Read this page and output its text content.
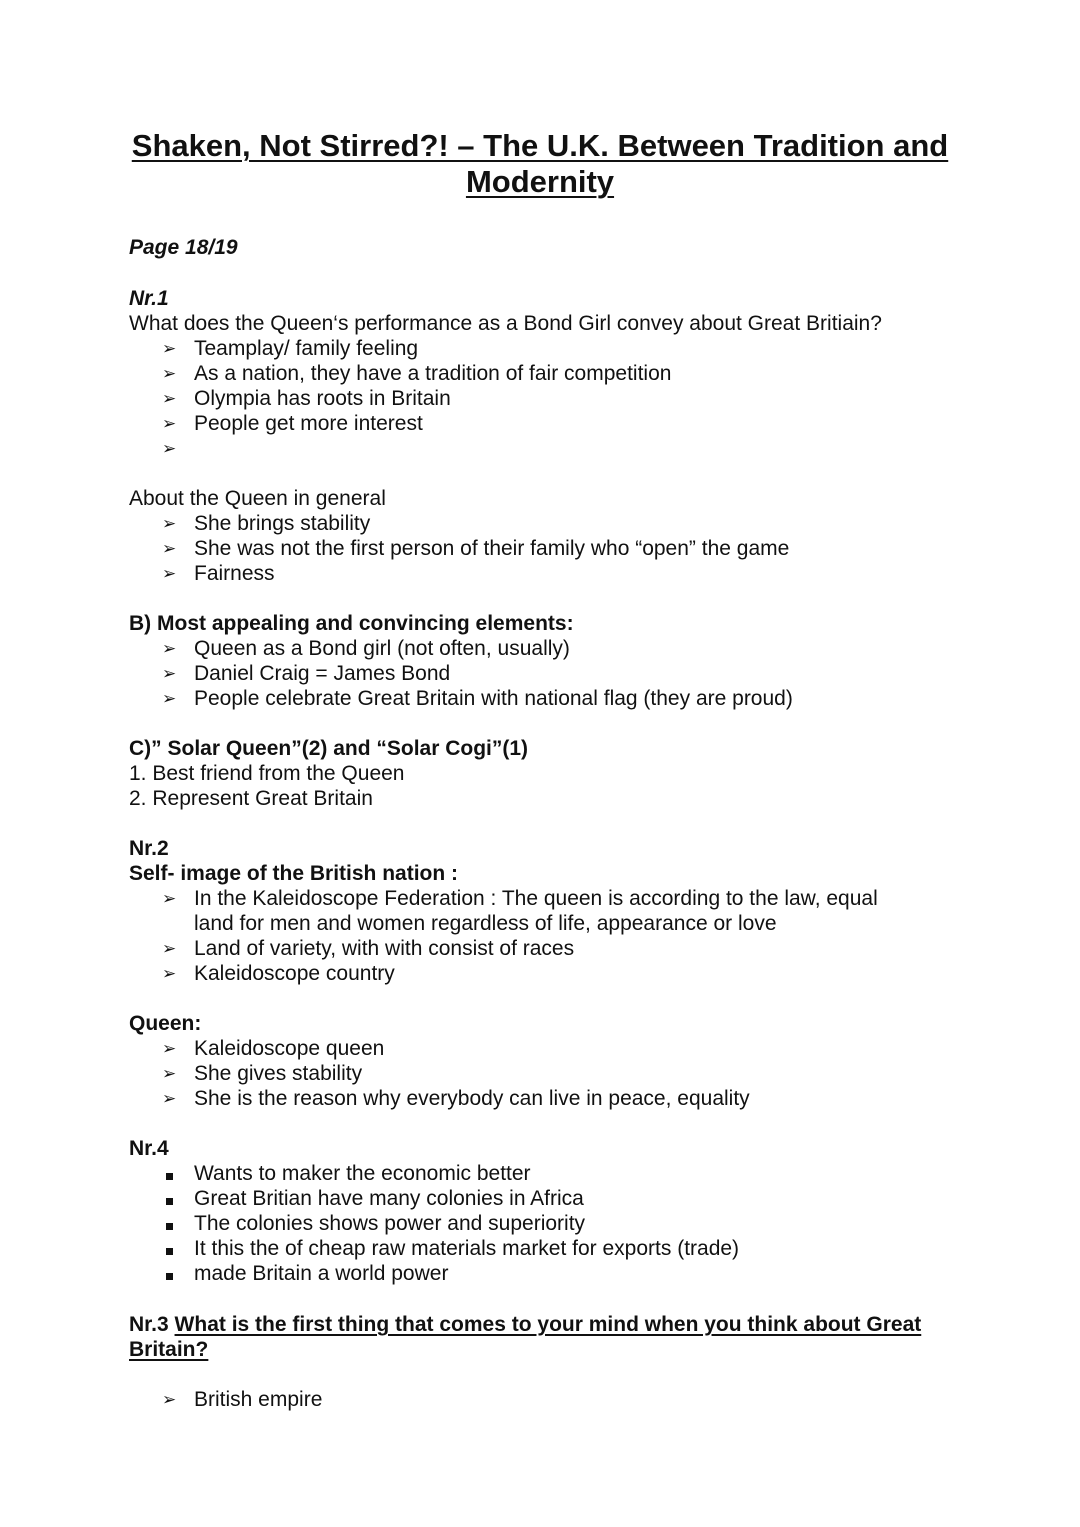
Shaken, Not Stirred?! – The U.K. Between Tradition and
Modernity
Page 18/19
Nr.1
What does the Queen‘s performance as a Bond Girl convey about Great Britiain?
➢ Teamplay/ family feeling
➢ As a nation, they have a tradition of fair competition
➢ Olympia has roots in Britain
➢ People get more interest
➢
About the Queen in general
➢ She brings stability
➢ She was not the first person of their family who “open” the game
➢ Fairness
B) Most appealing and convincing elements:
➢ Queen as a Bond girl (not often, usually)
➢ Daniel Craig = James Bond
➢ People celebrate Great Britain with national flag (they are proud)
C)” Solar Queen”(2) and “Solar Cogi”(1)
1. Best friend from the Queen
2. Represent Great Britain
Nr.2
Self- image of the British nation :
➢ In the Kaleidoscope Federation : The queen is according to the law, equal
land for men and women regardless of life, appearance or love
➢ Land of variety, with with consist of races
➢ Kaleidoscope country
Queen:
➢ Kaleidoscope queen
➢ She gives stability
➢ She is the reason why everybody can live in peace, equality
Nr.4
Wants to maker the economic better
Great Britian have many colonies in Africa
The colonies shows power and superiority
It this the of cheap raw materials market for exports (trade)
made Britain a world power
Nr.3 What is the first thing that comes to your mind when you think about Great
Britain?
➢ British empire
